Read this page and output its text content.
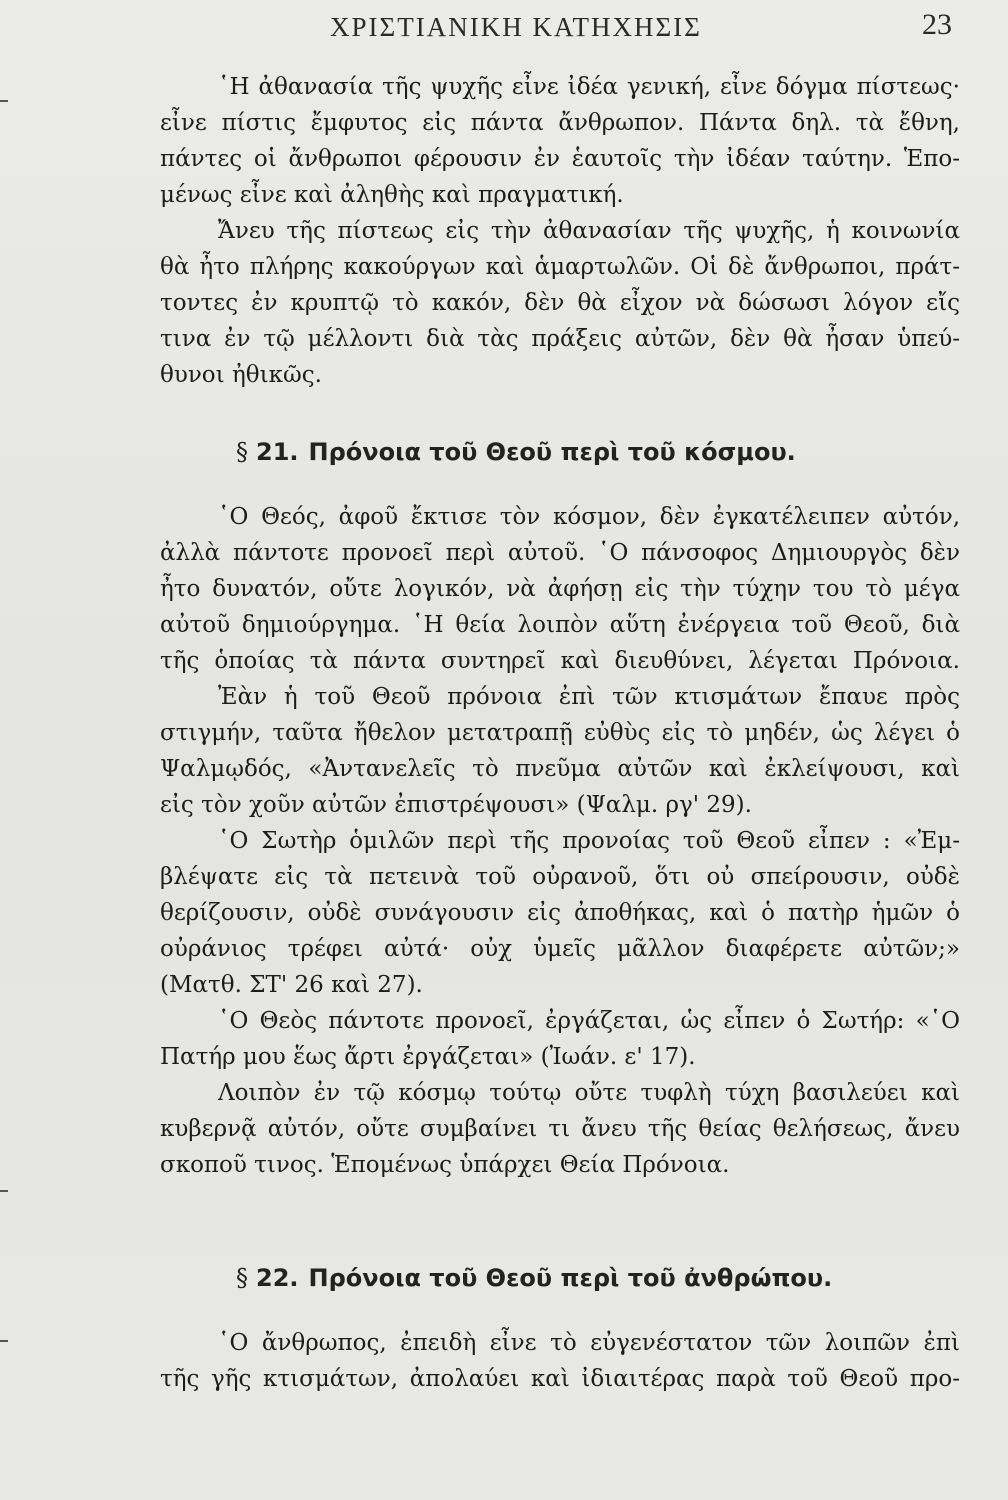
ΧΡΙΣΤΙΑΝΙΚΗ ΚΑΤΗΧΗΣΙΣ	23
῾Η ἀθανασία τῆς ψυχῆς εἶνε ἰδέα γενική, εἶνε δόγμα πίστεως·
εἶνε πίστις ἔμφυτος εἰς πάντα ἄνθρωπον. Πάντα δηλ. τὰ ἔθνη,
πάντες οἱ ἄνθρωποι φέρουσιν ἐν ἑαυτοῖς τὴν ἰδέαν ταύτην. Ἑπο-
μένως εἶνε καὶ ἀληθὴς καὶ πραγματική.
Ἄνευ τῆς πίστεως εἰς τὴν ἀθανασίαν τῆς ψυχῆς, ἡ κοινωνία
θὰ ἦτο πλήρης κακούργων καὶ ἁμαρτωλῶν. Οἱ δὲ ἄνθρωποι, πράτ-
τοντες ἐν κρυπτῷ τὸ κακόν, δὲν θὰ εἶχον νὰ δώσωσι λόγον εἴς
τινα ἐν τῷ μέλλοντι διὰ τὰς πράξεις αὐτῶν, δὲν θὰ ἦσαν ὑπεύ-
θυνοι ἠθικῶς.
§ 21. Πρόνοια τοῦ Θεοῦ περὶ τοῦ κόσμου.
῾Ο Θεός, ἀφοῦ ἔκτισε τὸν κόσμον, δὲν ἐγκατέλειπεν αὐτόν,
ἀλλὰ πάντοτε προνοεῖ περὶ αὐτοῦ. ῾Ο πάνσοφος Δημιουργὸς δὲν
ἦτο δυνατόν, οὔτε λογικόν, νὰ ἀφήσῃ εἰς τὴν τύχην του τὸ μέγα
αὐτοῦ δημιούργημα. ῾Η θεία λοιπὸν αὕτη ἐνέργεια τοῦ Θεοῦ, διὰ
τῆς ὁποίας τὰ πάντα συντηρεῖ καὶ διευθύνει, λέγεται Πρόνοια.
Ἐὰν ἡ τοῦ Θεοῦ πρόνοια ἐπὶ τῶν κτισμάτων ἔπαυε πρὸς
στιγμήν, ταῦτα ἤθελον μετατραπῇ εὐθὺς εἰς τὸ μηδέν, ὡς λέγει ὁ
Ψαλμῳδός, «Ἀντανελεῖς τὸ πνεῦμα αὐτῶν καὶ ἐκλείψουσι, καὶ
εἰς τὸν χοῦν αὐτῶν ἐπιστρέψουσι» (Ψαλμ. ργ' 29).
῾Ο Σωτὴρ ὁμιλῶν περὶ τῆς προνοίας τοῦ Θεοῦ εἶπεν : «Ἐμ-
βλέψατε εἰς τὰ πετεινὰ τοῦ οὐρανοῦ, ὅτι οὐ σπείρουσιν, οὐδὲ
θερίζουσιν, οὐδὲ συνάγουσιν εἰς ἀποθήκας, καὶ ὁ πατὴρ ἡμῶν ὁ
οὐράνιος τρέφει αὐτά· οὐχ ὑμεῖς μᾶλλον διαφέρετε αὐτῶν;»
(Ματθ. ΣΤ' 26 καὶ 27).
῾Ο Θεὸς πάντοτε προνοεῖ, ἐργάζεται, ὡς εἶπεν ὁ Σωτήρ: «῾Ο
Πατήρ μου ἕως ἄρτι ἐργάζεται» (Ἰωάν. ε' 17).
Λοιπὸν ἐν τῷ κόσμῳ τούτῳ οὔτε τυφλὴ τύχη βασιλεύει καὶ
κυβερνᾷ αὐτόν, οὔτε συμβαίνει τι ἄνευ τῆς θείας θελήσεως, ἄνευ
σκοποῦ τινος. Ἑπομένως ὑπάρχει Θεία Πρόνοια.
§ 22. Πρόνοια τοῦ Θεοῦ περὶ τοῦ ἀνθρώπου.
῾Ο ἄνθρωπος, ἐπειδὴ εἶνε τὸ εὐγενέστατον τῶν λοιπῶν ἐπὶ
τῆς γῆς κτισμάτων, ἀπολαύει καὶ ἰδιαιτέρας παρὰ τοῦ Θεοῦ προ-
